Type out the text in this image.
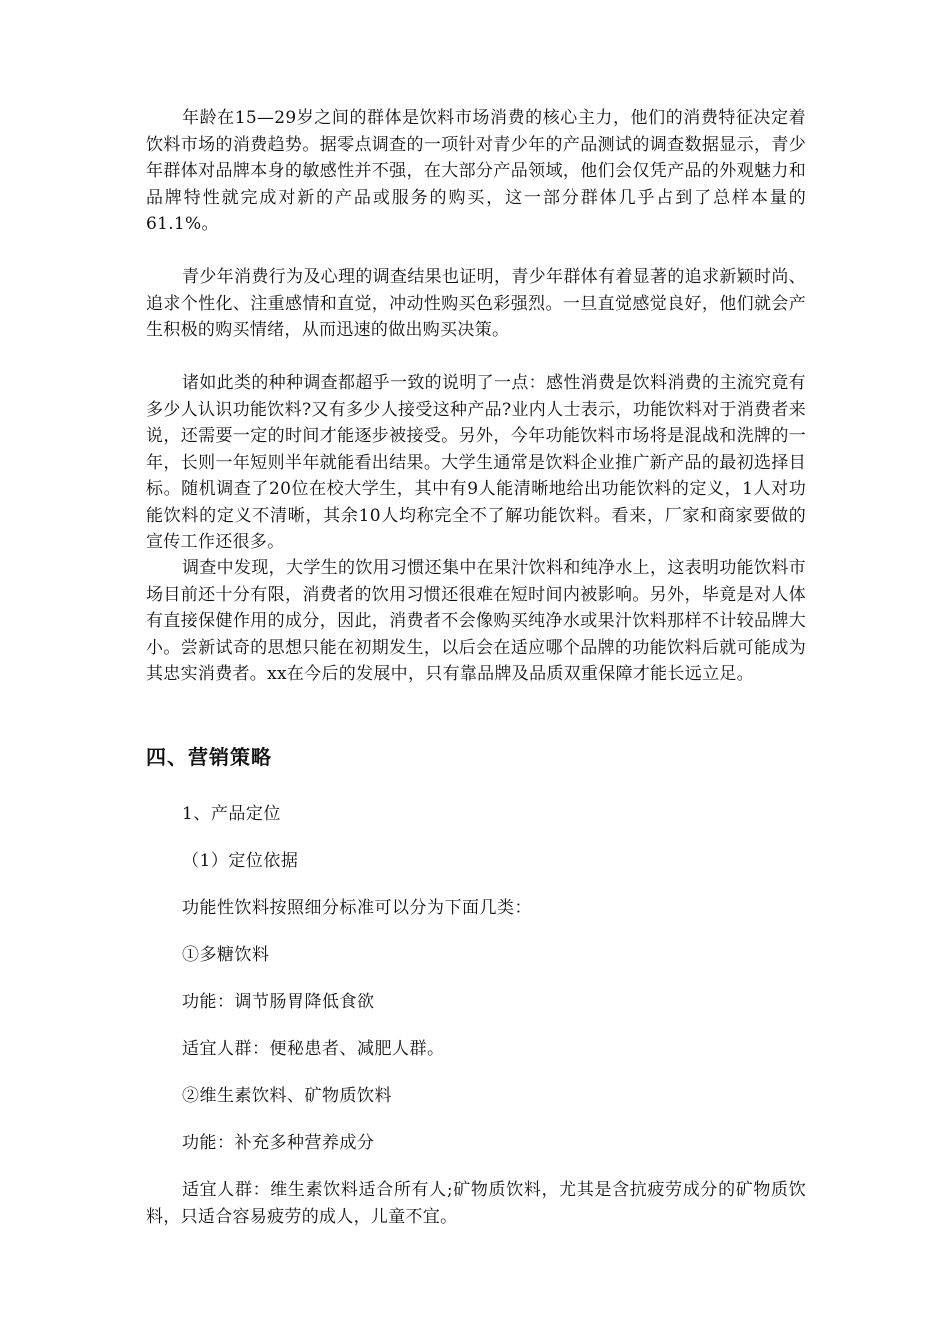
年龄在15—29岁之间的群体是饮料市场消费的核心主力，他们的消费特征决定着饮料市场的消费趋势。据零点调查的一项针对青少年的产品测试的调查数据显示，青少年群体对品牌本身的敏感性并不强，在大部分产品领域，他们会仅凭产品的外观魅力和品牌特性就完成对新的产品或服务的购买，这一部分群体几乎占到了总样本量的61.1%。

青少年消费行为及心理的调查结果也证明，青少年群体有着显著的追求新颖时尚、追求个性化、注重感情和直觉，冲动性购买色彩强烈。一旦直觉感觉良好，他们就会产生积极的购买情绪，从而迅速的做出购买决策。

诸如此类的种种调查都超乎一致的说明了一点：感性消费是饮料消费的主流究竟有多少人认识功能饮料?又有多少人接受这种产品?业内人士表示，功能饮料对于消费者来说，还需要一定的时间才能逐步被接受。另外，今年功能饮料市场将是混战和洗牌的一年，长则一年短则半年就能看出结果。大学生通常是饮料企业推广新产品的最初选择目标。随机调查了20位在校大学生，其中有9人能清晰地给出功能饮料的定义，1人对功能饮料的定义不清晰，其余10人均称完全不了解功能饮料。看来，厂家和商家要做的宣传工作还很多。

调查中发现，大学生的饮用习惯还集中在果汁饮料和纯净水上，这表明功能饮料市场目前还十分有限，消费者的饮用习惯还很难在短时间内被影响。另外，毕竟是对人体有直接保健作用的成分，因此，消费者不会像购买纯净水或果汁饮料那样不计较品牌大小。尝新试奇的思想只能在初期发生，以后会在适应哪个品牌的功能饮料后就可能成为其忠实消费者。xx在今后的发展中，只有靠品牌及品质双重保障才能长远立足。

四、营销策略
1、产品定位
（1）定位依据
功能性饮料按照细分标准可以分为下面几类：
①多糖饮料
功能：调节肠胃降低食欲
适宜人群：便秘患者、减肥人群。
②维生素饮料、矿物质饮料
功能：补充多种营养成分

适宜人群：维生素饮料适合所有人;矿物质饮料，尤其是含抗疲劳成分的矿物质饮料，只适合容易疲劳的成人，儿童不宜。
